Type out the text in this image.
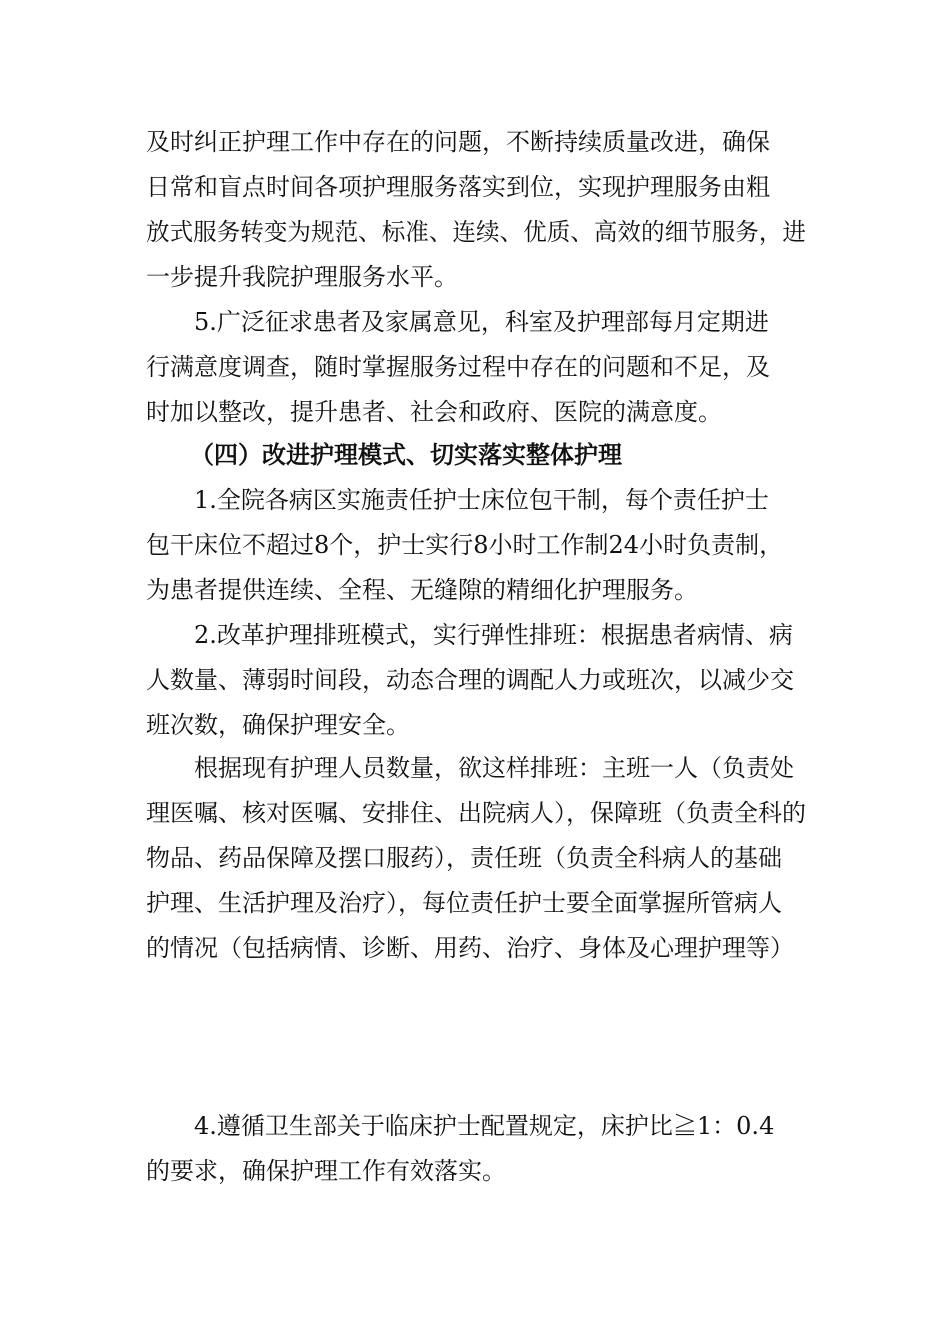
及时纠正护理工作中存在的问题，不断持续质量改进，确保
日常和盲点时间各项护理服务落实到位，实现护理服务由粗
放式服务转变为规范、标准、连续、优质、高效的细节服务，进
一步提升我院护理服务水平。
5.广泛征求患者及家属意见，科室及护理部每月定期进
行满意度调查，随时掌握服务过程中存在的问题和不足，及
时加以整改，提升患者、社会和政府、医院的满意度。
（四）改进护理模式、切实落实整体护理
1.全院各病区实施责任护士床位包干制，每个责任护士
包干床位不超过8个，护士实行8小时工作制24小时负责制，
为患者提供连续、全程、无缝隙的精细化护理服务。
2.改革护理排班模式，实行弹性排班：根据患者病情、病
人数量、薄弱时间段，动态合理的调配人力或班次，以减少交
班次数，确保护理安全。
根据现有护理人员数量，欲这样排班：主班一人（负责处
理医嘱、核对医嘱、安排住、出院病人），保障班（负责全科的
物品、药品保障及摆口服药），责任班（负责全科病人的基础
护理、生活护理及治疗），每位责任护士要全面掌握所管病人
的情况（包括病情、诊断、用药、治疗、身体及心理护理等）
4.遵循卫生部关于临床护士配置规定，床护比≧1：0.4
的要求，确保护理工作有效落实。
